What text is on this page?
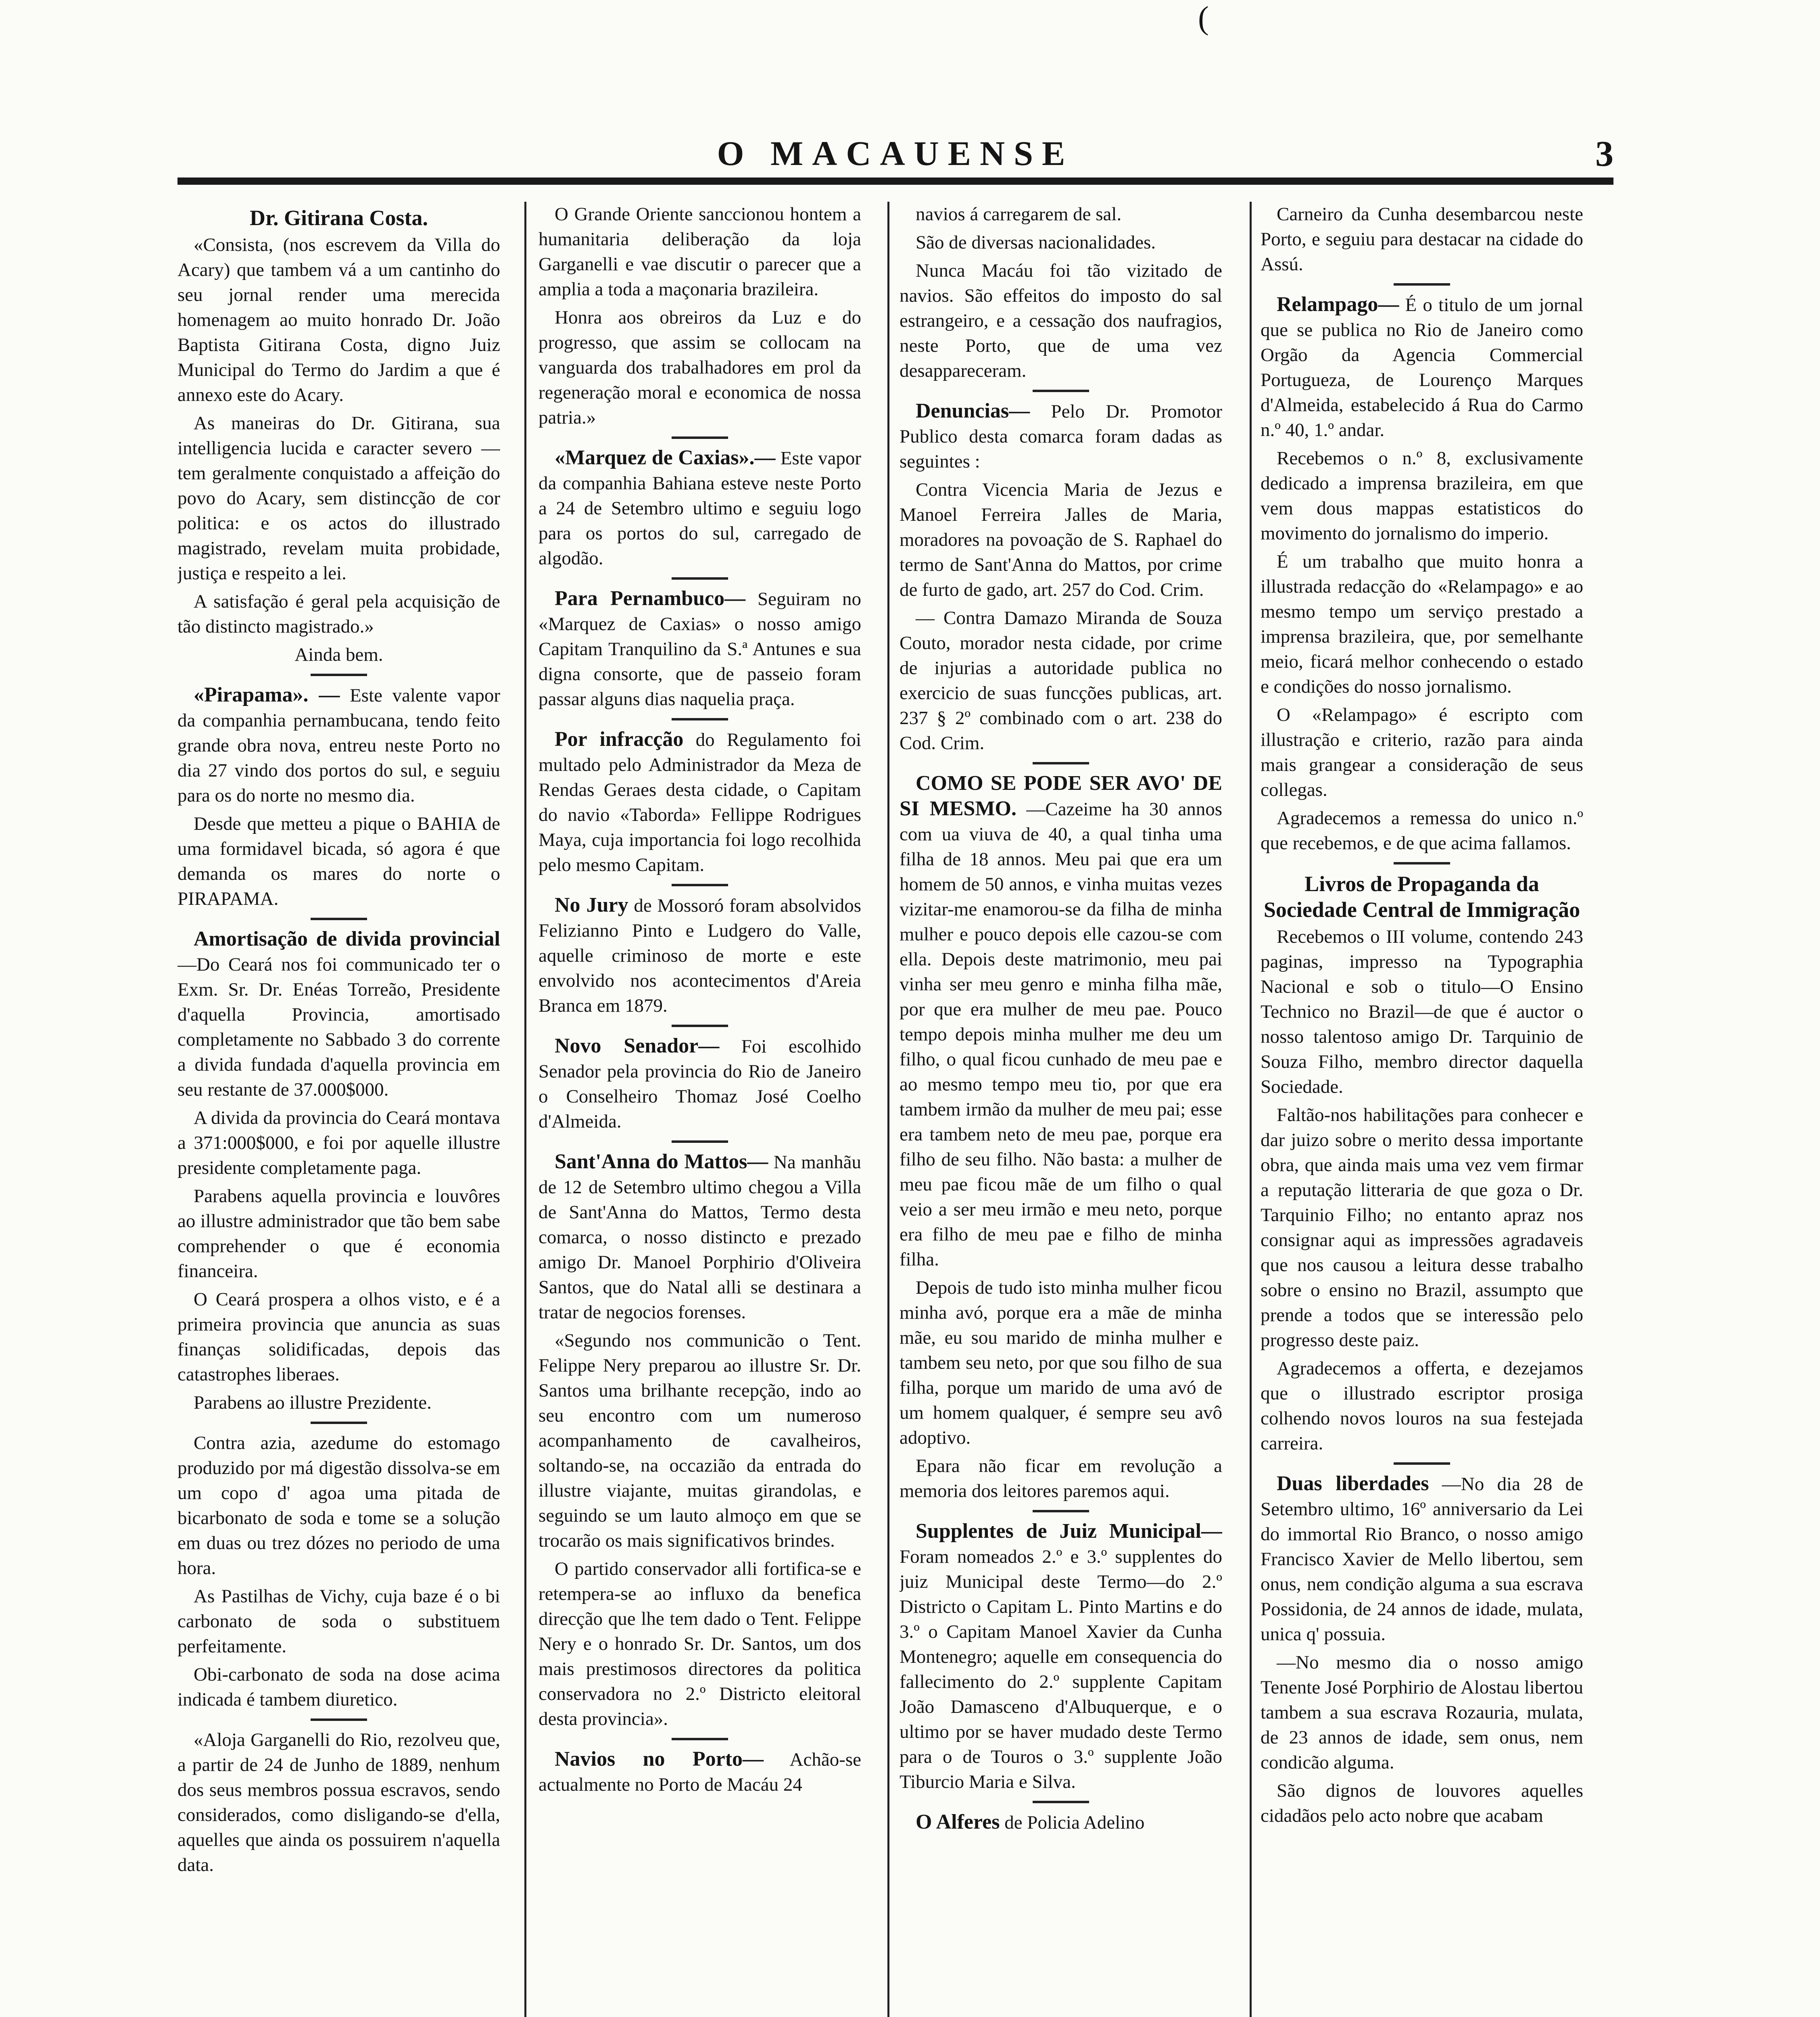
(
O MACAUENSE	3
Dr. Gitirana Costa.

«Consista, (nos escrevem da Villa do Acary) que tambem vá a um cantinho do seu jornal render uma merecida homenagem ao muito honrado Dr. João Baptista Gitirana Costa, digno Juiz Municipal do Termo do Jardim a que é annexo este do Acary.

As maneiras do Dr. Gitirana, sua intelligencia lucida e caracter severo —tem geralmente conquistado a affeição do povo do Acary, sem distincção de cor politica: e os actos do illustrado magistrado, revelam muita probidade, justiça e respeito a lei.

A satisfação é geral pela acquisição de tão distincto magistrado.»

Ainda bem.

«Pirapama». — Este valente vapor da companhia pernambucana, tendo feito grande obra nova, entreu neste Porto no dia 27 vindo dos portos do sul, e seguiu para os do norte no mesmo dia.

Desde que metteu a pique o BAHIA de uma formidavel bicada, só agora é que demanda os mares do norte o PIRAPAMA.

Amortisação de divida provincial —Do Ceará nos foi communicado ter o Exm. Sr. Dr. Enéas Torreão, Presidente d'aquella Provincia, amortisado completamente no Sabbado 3 do corrente a divida fundada d'aquella provincia em seu restante de 37.000$000.

A divida da provincia do Ceará montava a 371:000$000, e foi por aquelle illustre presidente completamente paga.

Parabens aquella provincia e louvôres ao illustre administrador que tão bem sabe comprehender o que é economia financeira.

O Ceará prospera a olhos visto, e é a primeira provincia que anuncia as suas finanças solidificadas, depois das catastrophes liberaes.

Parabens ao illustre Prezidente.

Contra azia, azedume do estomago produzido por má digestão dissolva-se em um copo d' agoa uma pitada de bicarbonato de soda e tome se a solução em duas ou trez dózes no periodo de uma hora.

As Pastilhas de Vichy, cuja baze é o bi carbonato de soda o substituem perfeitamente.

Obi-carbonato de soda na dose acima indicada é tambem diuretico.

«Aloja Garganelli do Rio, rezolveu que, a partir de 24 de Junho de 1889, nenhum dos seus membros possua escravos, sendo considerados, como disligando-se d'ella, aquelles que ainda os possuirem n'aquella data.

O Grande Oriente sanccionou hontem a humanitaria deliberação da loja Garganelli e vae discutir o parecer que a amplia a toda a maçonaria brazileira.

Honra aos obreiros da Luz e do progresso, que assim se collocam na vanguarda dos trabalhadores em prol da regeneração moral e economica de nossa patria.»

«Marquez de Caxias».— Este vapor da companhia Bahiana esteve neste Porto a 24 de Setembro ultimo e seguiu logo para os portos do sul, carregado de algodão.

Para Pernambuco— Seguiram no «Marquez de Caxias» o nosso amigo Capitam Tranquilino da S.ª Antunes e sua digna consorte, que de passeio foram passar alguns dias naquelia praça.

Por infracção do Regulamento foi multado pelo Administrador da Meza de Rendas Geraes desta cidade, o Capitam do navio «Taborda» Fellippe Rodrigues Maya, cuja importancia foi logo recolhida pelo mesmo Capitam.

No Jury de Mossoró foram absolvidos Felizianno Pinto e Ludgero do Valle, aquelle criminoso de morte e este envolvido nos acontecimentos d'Areia Branca em 1879.

Novo Senador— Foi escolhido Senador pela provincia do Rio de Janeiro o Conselheiro Thomaz José Coelho d'Almeida.

Sant'Anna do Mattos— Na manhãu de 12 de Setembro ultimo chegou a Villa de Sant'Anna do Mattos, Termo desta comarca, o nosso distincto e prezado amigo Dr. Manoel Porphirio d'Oliveira Santos, que do Natal alli se destinara a tratar de negocios forenses.

«Segundo nos communicão o Tent. Felippe Nery preparou ao illustre Sr. Dr. Santos uma brilhante recepção, indo ao seu encontro com um numeroso acompanhamento de cavalheiros, soltando-se, na occazião da entrada do illustre viajante, muitas girandolas, e seguindo se um lauto almoço em que se trocarão os mais significativos brindes.

O partido conservador alli fortifica-se e retempera-se ao influxo da benefica direcção que lhe tem dado o Tent. Felippe Nery e o honrado Sr. Dr. Santos, um dos mais prestimosos directores da politica conservadora no 2.º Districto eleitoral desta provincia».

Navios no Porto— Achão-se actualmente no Porto de Macáu 24

navios á carregarem de sal.

São de diversas nacionalidades.

Nunca Macáu foi tão vizitado de navios. São effeitos do imposto do sal estrangeiro, e a cessação dos naufragios, neste Porto, que de uma vez desappareceram.

Denuncias— Pelo Dr. Promotor Publico desta comarca foram dadas as seguintes :

Contra Vicencia Maria de Jezus e Manoel Ferreira Jalles de Maria, moradores na povoação de S. Raphael do termo de Sant'Anna do Mattos, por crime de furto de gado, art. 257 do Cod. Crim.

— Contra Damazo Miranda de Souza Couto, morador nesta cidade, por crime de injurias a autoridade publica no exercicio de suas funcções publicas, art. 237 § 2º combinado com o art. 238 do Cod. Crim.

COMO SE PODE SER AVO' DE SI MESMO. —Cazeime ha 30 annos com ua viuva de 40, a qual tinha uma filha de 18 annos. Meu pai que era um homem de 50 annos, e vinha muitas vezes vizitar-me enamorou-se da filha de minha mulher e pouco depois elle cazou-se com ella. Depois deste matrimonio, meu pai vinha ser meu genro e minha filha mãe, por que era mulher de meu pae. Pouco tempo depois minha mulher me deu um filho, o qual ficou cunhado de meu pae e ao mesmo tempo meu tio, por que era tambem irmão da mulher de meu pai; esse era tambem neto de meu pae, porque era filho de seu filho. Não basta: a mulher de meu pae ficou mãe de um filho o qual veio a ser meu irmão e meu neto, porque era filho de meu pae e filho de minha filha.

Depois de tudo isto minha mulher ficou minha avó, porque era a mãe de minha mãe, eu sou marido de minha mulher e tambem seu neto, por que sou filho de sua filha, porque um marido de uma avó de um homem qualquer, é sempre seu avô adoptivo.

Epara não ficar em revolução a memoria dos leitores paremos aqui.

Supplentes de Juiz Municipal— Foram nomeados 2.º e 3.º supplentes do juiz Municipal deste Termo—do 2.º Districto o Capitam L. Pinto Martins e do 3.º o Capitam Manoel Xavier da Cunha Montenegro; aquelle em consequencia do fallecimento do 2.º supplente Capitam João Damasceno d'Albuquerque, e o ultimo por se haver mudado deste Termo para o de Touros o 3.º supplente João Tiburcio Maria e Silva.

O Alferes de Policia Adelino

Carneiro da Cunha desembarcou neste Porto, e seguiu para destacar na cidade do Assú.

Relampago— É o titulo de um jornal que se publica no Rio de Janeiro como Orgão da Agencia Commercial Portugueza, de Lourenço Marques d'Almeida, estabelecido á Rua do Carmo n.º 40, 1.º andar.

Recebemos o n.º 8, exclusivamente dedicado a imprensa brazileira, em que vem dous mappas estatisticos do movimento do jornalismo do imperio.

É um trabalho que muito honra a illustrada redacção do «Relampago» e ao mesmo tempo um serviço prestado a imprensa brazileira, que, por semelhante meio, ficará melhor conhecendo o estado e condições do nosso jornalismo.

O «Relampago» é escripto com illustração e criterio, razão para ainda mais grangear a consideração de seus collegas.

Agradecemos a remessa do unico n.º que recebemos, e de que acima fallamos.

Livros de Propaganda da Sociedade Central de Immigração

Recebemos o III volume, contendo 243 paginas, impresso na Typographia Nacional e sob o titulo—O Ensino Technico no Brazil—de que é auctor o nosso talentoso amigo Dr. Tarquinio de Souza Filho, membro director daquella Sociedade.

Faltão-nos habilitações para conhecer e dar juizo sobre o merito dessa importante obra, que ainda mais uma vez vem firmar a reputação litteraria de que goza o Dr. Tarquinio Filho; no entanto apraz nos consignar aqui as impressões agradaveis que nos causou a leitura desse trabalho sobre o ensino no Brazil, assumpto que prende a todos que se interessão pelo progresso deste paiz.

Agradecemos a offerta, e dezejamos que o illustrado escriptor prosiga colhendo novos louros na sua festejada carreira.

Duas liberdades —No dia 28 de Setembro ultimo, 16º anniversario da Lei do immortal Rio Branco, o nosso amigo Francisco Xavier de Mello libertou, sem onus, nem condição alguma a sua escrava Possidonia, de 24 annos de idade, mulata, unica q' possuia.

—No mesmo dia o nosso amigo Tenente José Porphirio de Alostau libertou tambem a sua escrava Rozauria, mulata, de 23 annos de idade, sem onus, nem condicão alguma.

São dignos de louvores aquelles cidadãos pelo acto nobre que acabam
